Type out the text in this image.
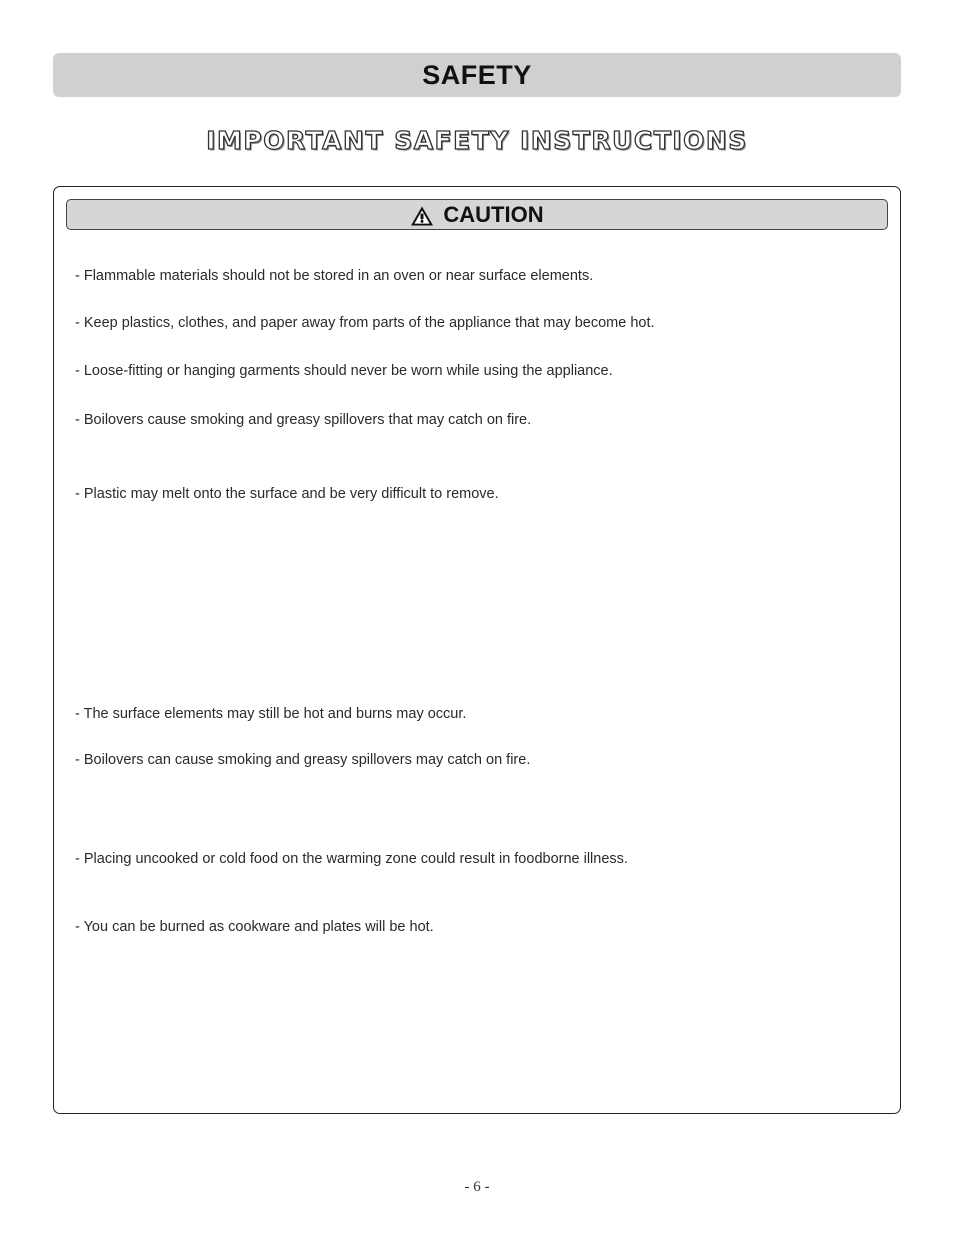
SAFETY
IMPORTANT SAFETY INSTRUCTIONS
CAUTION
- Flammable materials should not be stored in an oven or near surface elements.
- Keep plastics, clothes, and paper away from parts of the appliance that may become hot.
- Loose-fitting or hanging garments should never be worn while using the appliance.
- Boilovers cause smoking and greasy spillovers that may catch on fire.
- Plastic may melt onto the surface and be very difficult to remove.
- The surface elements may still be hot and burns may occur.
- Boilovers can cause smoking and greasy spillovers may catch on fire.
- Placing uncooked or cold food on the warming zone could result in foodborne illness.
- You can be burned as cookware and plates will be hot.
- 6 -
